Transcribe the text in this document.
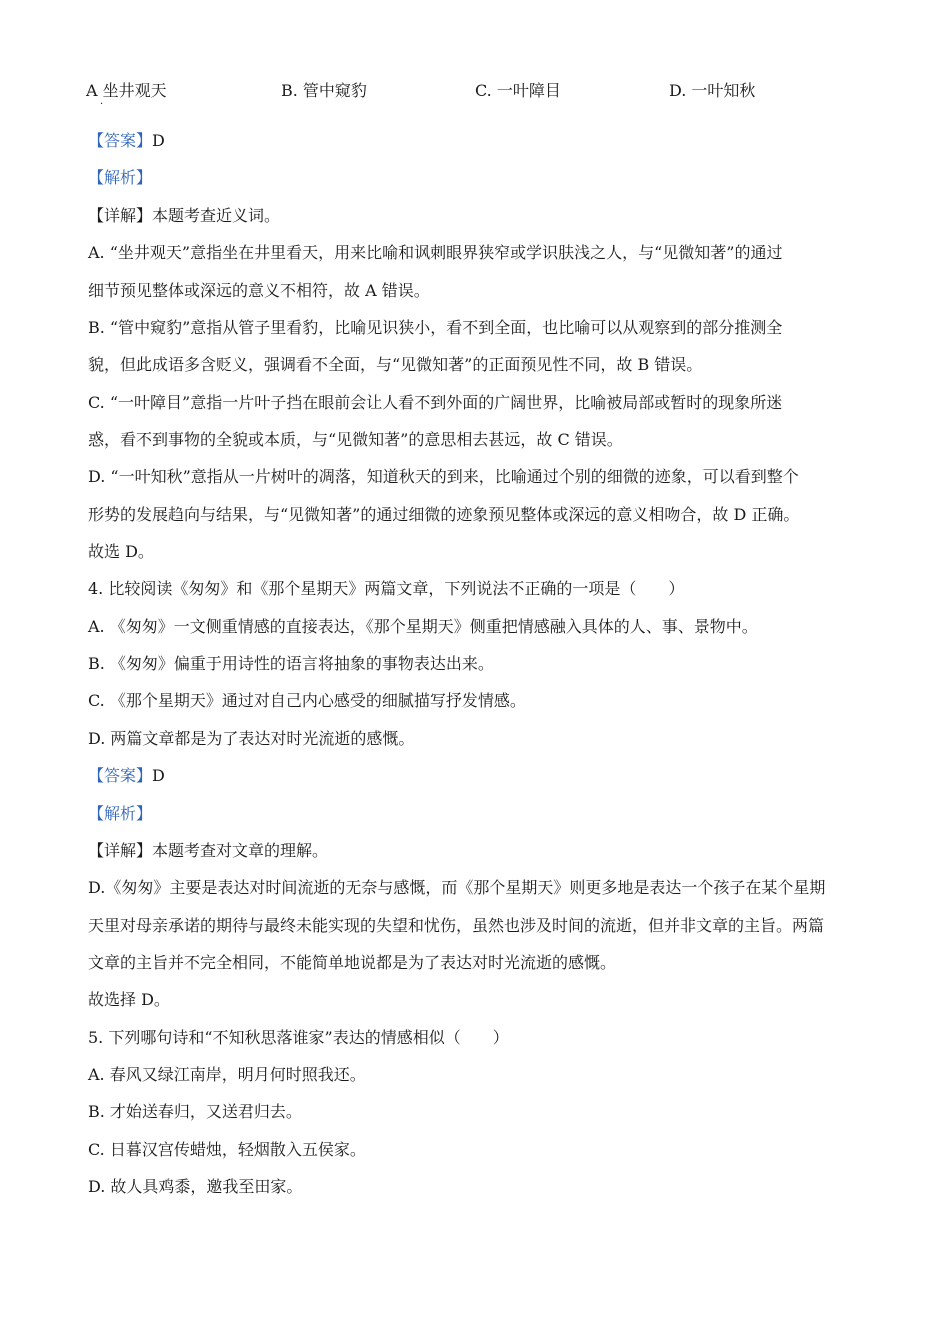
A 坐井观天
·
B. 管中窥豹	C. 一叶障目	D. 一叶知秋
【答案】D
【解析】
【详解】本题考查近义词。
A. “坐井观天”意指坐在井里看天，用来比喻和讽刺眼界狭窄或学识肤浅之人，与“见微知著”的通过
细节预见整体或深远的意义不相符，故 A 错误。
B. “管中窥豹”意指从管子里看豹，比喻见识狭小，看不到全面，也比喻可以从观察到的部分推测全
貌，但此成语多含贬义，强调看不全面，与“见微知著”的正面预见性不同，故 B 错误。
C. “一叶障目”意指一片叶子挡在眼前会让人看不到外面的广阔世界，比喻被局部或暂时的现象所迷
惑，看不到事物的全貌或本质，与“见微知著”的意思相去甚远，故 C 错误。
D. “一叶知秋”意指从一片树叶的凋落，知道秋天的到来，比喻通过个别的细微的迹象，可以看到整个
形势的发展趋向与结果，与“见微知著”的通过细微的迹象预见整体或深远的意义相吻合，故 D 正确。
故选 D。
4. 比较阅读《匆匆》和《那个星期天》两篇文章，下列说法不正确的一项是（　　）
A. 《匆匆》一文侧重情感的直接表达，《那个星期天》侧重把情感融入具体的人、事、景物中。
B. 《匆匆》偏重于用诗性的语言将抽象的事物表达出来。
C. 《那个星期天》通过对自己内心感受的细腻描写抒发情感。
D. 两篇文章都是为了表达对时光流逝的感慨。
【答案】D
【解析】
【详解】本题考查对文章的理解。
D.《匆匆》主要是表达对时间流逝的无奈与感慨，而《那个星期天》则更多地是表达一个孩子在某个星期
天里对母亲承诺的期待与最终未能实现的失望和忧伤，虽然也涉及时间的流逝，但并非文章的主旨。两篇
文章的主旨并不完全相同，不能简单地说都是为了表达对时光流逝的感慨。
故选择 D。
5. 下列哪句诗和“不知秋思落谁家”表达的情感相似（　　）
A. 春风又绿江南岸，明月何时照我还。
B. 才始送春归，又送君归去。
C. 日暮汉宫传蜡烛，轻烟散入五侯家。
D. 故人具鸡黍，邀我至田家。
